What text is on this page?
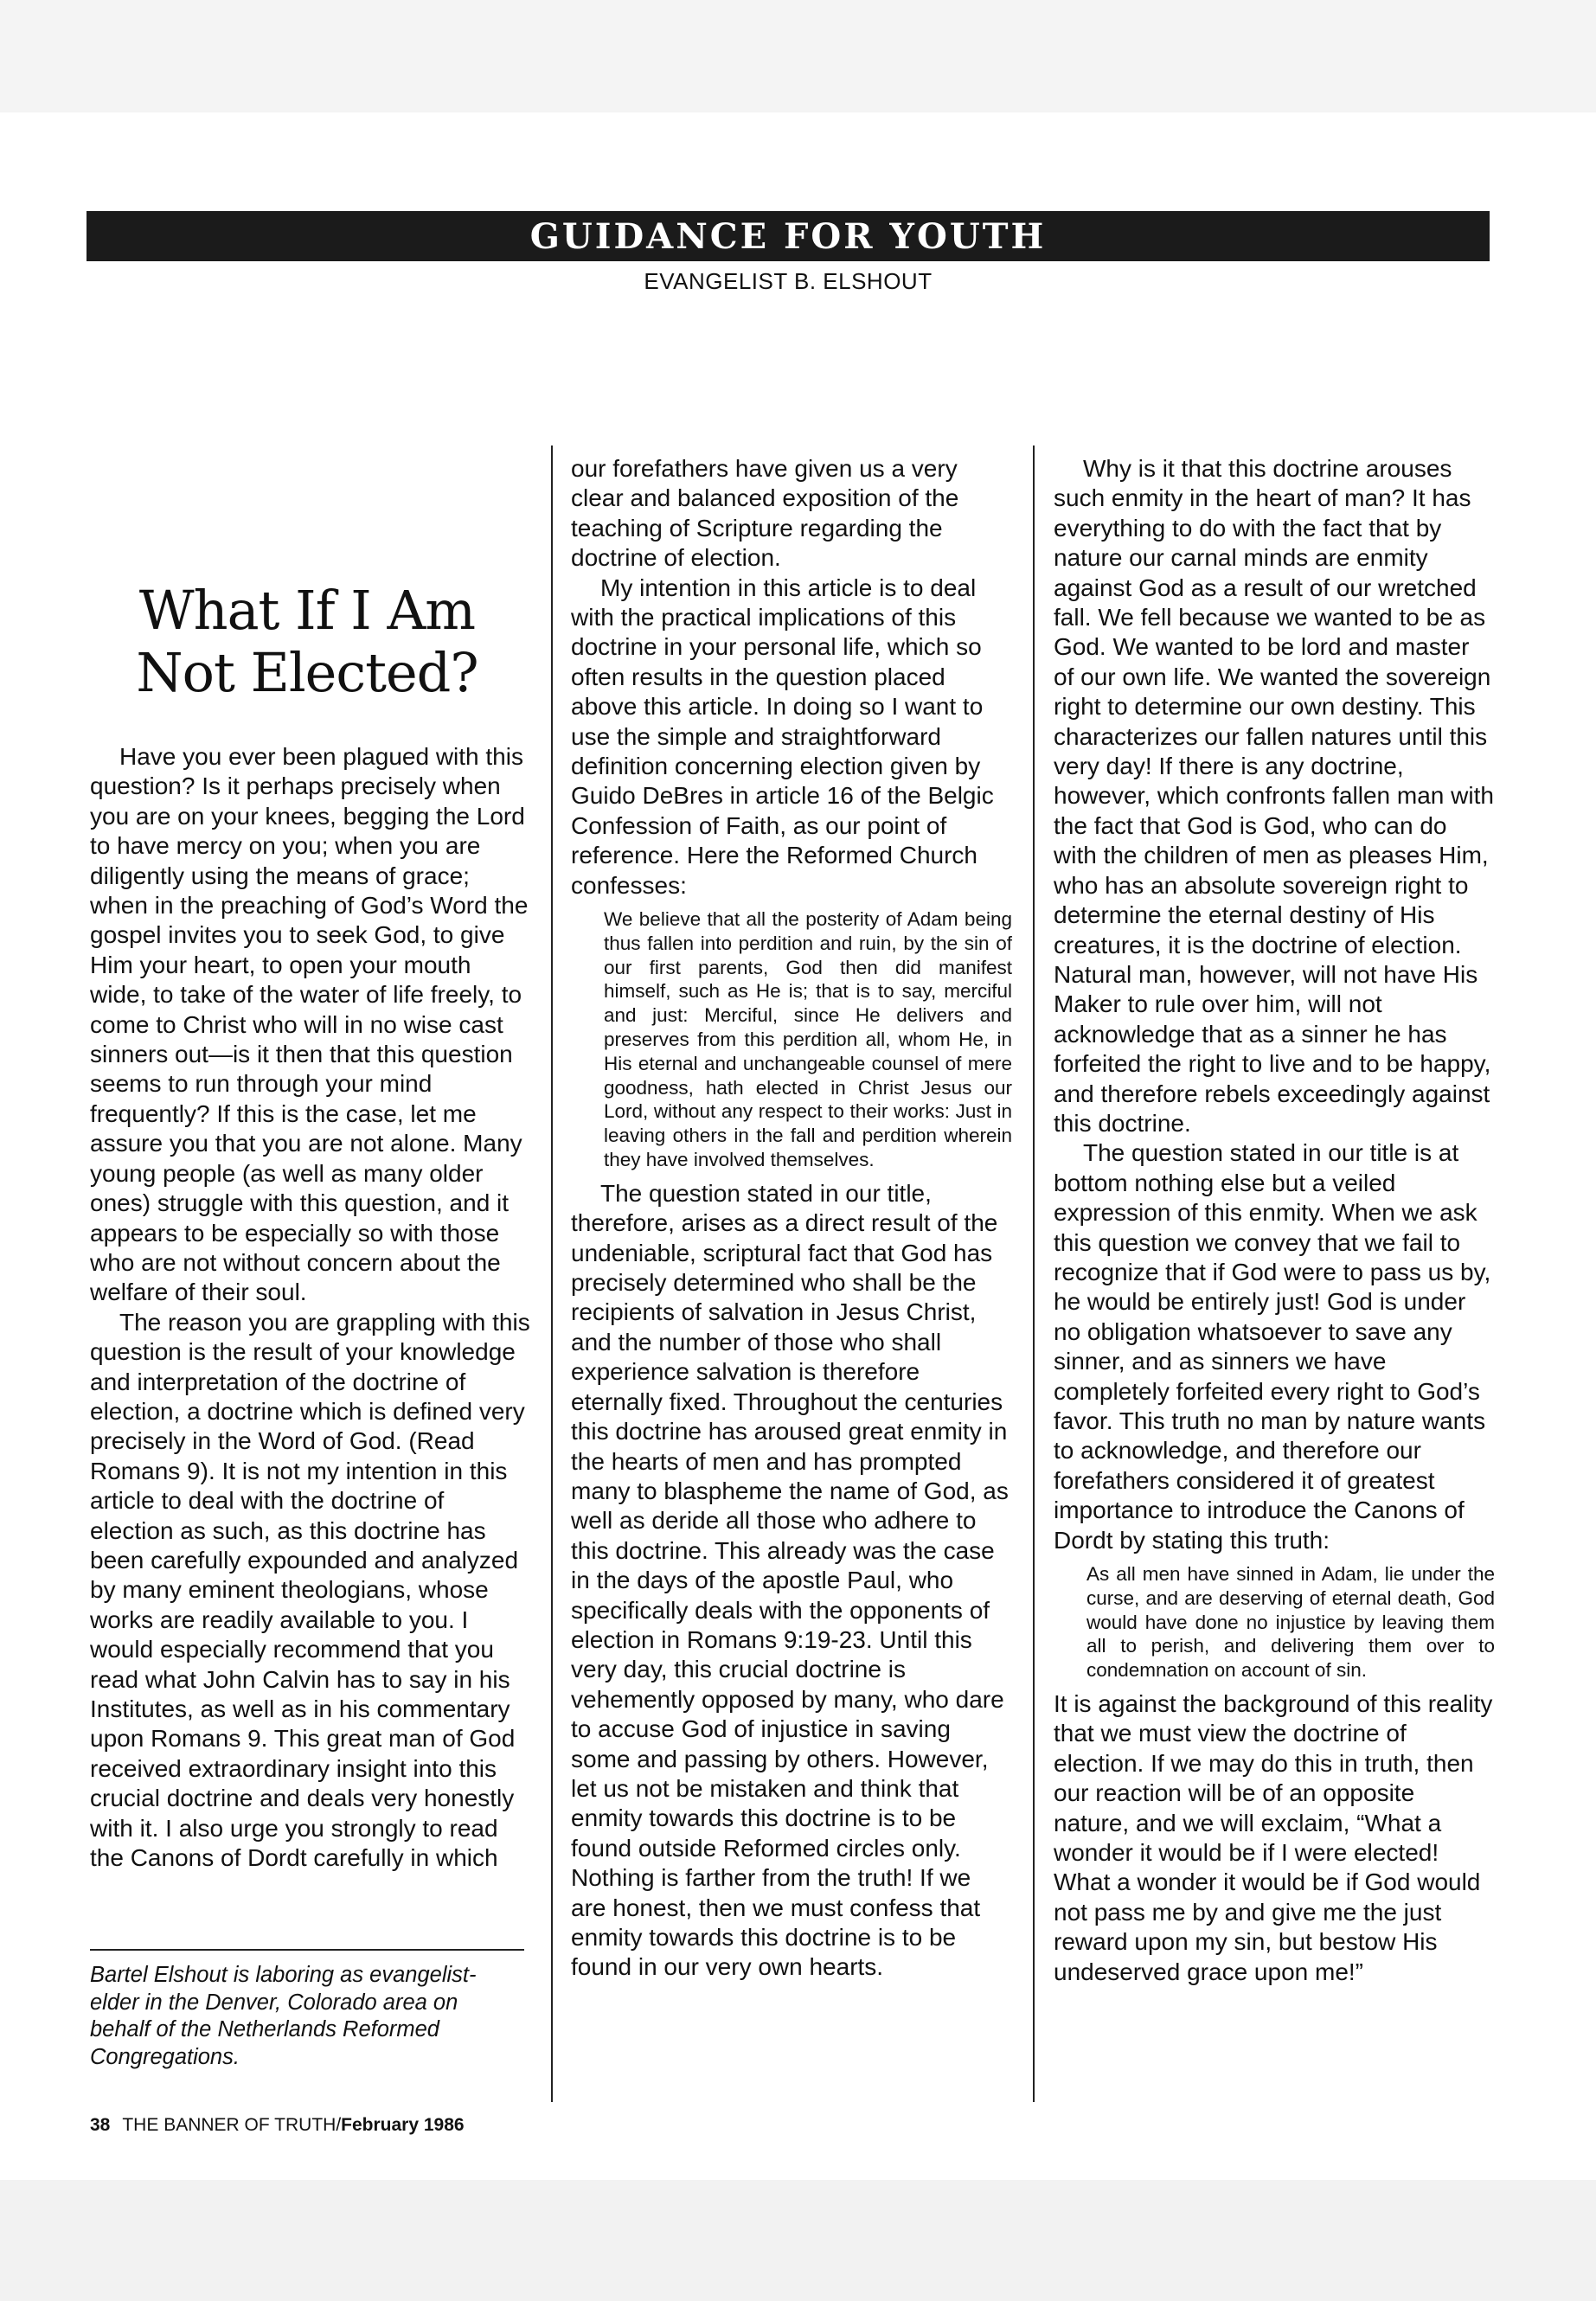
GUIDANCE FOR YOUTH
EVANGELIST B. ELSHOUT
What If I Am
Not Elected?

Have you ever been plagued with this question? Is it perhaps precisely when you are on your knees, begging the Lord to have mercy on you; when you are diligently using the means of grace; when in the preaching of God’s Word the gospel invites you to seek God, to give Him your heart, to open your mouth wide, to take of the water of life freely, to come to Christ who will in no wise cast sinners out—is it then that this question seems to run through your mind frequently? If this is the case, let me assure you that you are not alone. Many young people (as well as many older ones) struggle with this question, and it appears to be especially so with those who are not without concern about the welfare of their soul.

The reason you are grappling with this question is the result of your knowledge and interpretation of the doctrine of election, a doctrine which is defined very precisely in the Word of God. (Read Romans 9). It is not my intention in this article to deal with the doctrine of election as such, as this doctrine has been carefully expounded and analyzed by many eminent theologians, whose works are readily available to you. I would especially recommend that you read what John Calvin has to say in his Institutes, as well as in his commentary upon Romans 9. This great man of God received extraordinary insight into this crucial doctrine and deals very honestly with it. I also urge you strongly to read the Canons of Dordt carefully in which

Bartel Elshout is laboring as evangelist-elder in the Denver, Colorado area on behalf of the Netherlands Reformed Congregations.

our forefathers have given us a very clear and balanced exposition of the teaching of Scripture regarding the doctrine of election.

My intention in this article is to deal with the practical implications of this doctrine in your personal life, which so often results in the question placed above this article. In doing so I want to use the simple and straightforward definition concerning election given by Guido DeBres in article 16 of the Belgic Confession of Faith, as our point of reference. Here the Reformed Church confesses:

We believe that all the posterity of Adam being thus fallen into perdition and ruin, by the sin of our first parents, God then did manifest himself, such as He is; that is to say, merciful and just: Merciful, since He delivers and preserves from this perdition all, whom He, in His eternal and unchangeable counsel of mere goodness, hath elected in Christ Jesus our Lord, without any respect to their works: Just in leaving others in the fall and perdition wherein they have involved themselves.

The question stated in our title, therefore, arises as a direct result of the undeniable, scriptural fact that God has precisely determined who shall be the recipients of salvation in Jesus Christ, and the number of those who shall experience salvation is therefore eternally fixed. Throughout the centuries this doctrine has aroused great enmity in the hearts of men and has prompted many to blaspheme the name of God, as well as deride all those who adhere to this doctrine. This already was the case in the days of the apostle Paul, who specifically deals with the opponents of election in Romans 9:19-23. Until this very day, this crucial doctrine is vehemently opposed by many, who dare to accuse God of injustice in saving some and passing by others. However, let us not be mistaken and think that enmity towards this doctrine is to be found outside Reformed circles only. Nothing is farther from the truth! If we are honest, then we must confess that enmity towards this doctrine is to be found in our very own hearts.

Why is it that this doctrine arouses such enmity in the heart of man? It has everything to do with the fact that by nature our carnal minds are enmity against God as a result of our wretched fall. We fell because we wanted to be as God. We wanted to be lord and master of our own life. We wanted the sovereign right to determine our own destiny. This characterizes our fallen natures until this very day! If there is any doctrine, however, which confronts fallen man with the fact that God is God, who can do with the children of men as pleases Him, who has an absolute sovereign right to determine the eternal destiny of His creatures, it is the doctrine of election. Natural man, however, will not have His Maker to rule over him, will not acknowledge that as a sinner he has forfeited the right to live and to be happy, and therefore rebels exceedingly against this doctrine.

The question stated in our title is at bottom nothing else but a veiled expression of this enmity. When we ask this question we convey that we fail to recognize that if God were to pass us by, he would be entirely just! God is under no obligation whatsoever to save any sinner, and as sinners we have completely forfeited every right to God’s favor. This truth no man by nature wants to acknowledge, and therefore our forefathers considered it of greatest importance to introduce the Canons of Dordt by stating this truth:

As all men have sinned in Adam, lie under the curse, and are deserving of eternal death, God would have done no injustice by leaving them all to perish, and delivering them over to condemnation on account of sin.

It is against the background of this reality that we must view the doctrine of election. If we may do this in truth, then our reaction will be of an opposite nature, and we will exclaim, “What a wonder it would be if I were elected! What a wonder it would be if God would not pass me by and give me the just reward upon my sin, but bestow His undeserved grace upon me!”

38 THE BANNER OF TRUTH/February 1986
